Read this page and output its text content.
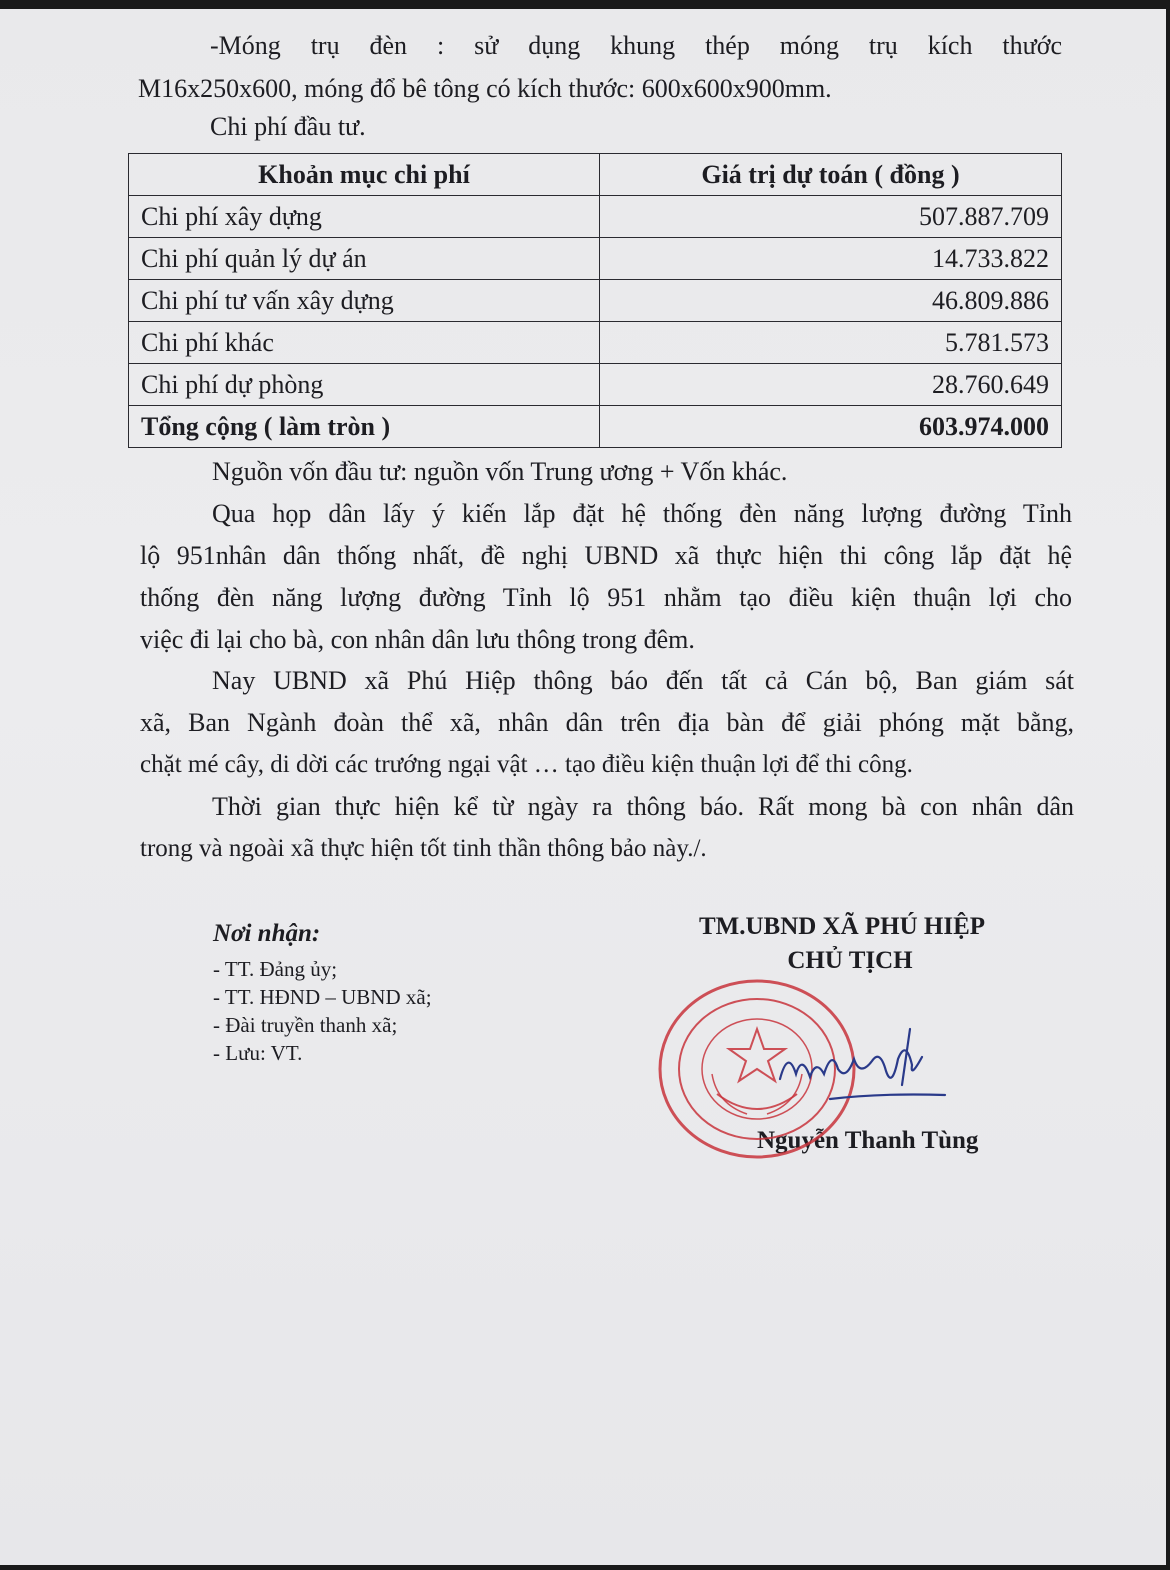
-Móng trụ đèn : sử dụng khung thép móng trụ kích thước
M16x250x600, móng đổ bê tông có kích thước: 600x600x900mm.
Chi phí đầu tư.
Khoản mục chi phí	Giá trị dự toán ( đồng )
Chi phí xây dựng	507.887.709
Chi phí quản lý dự án	14.733.822
Chi phí tư vấn xây dựng	46.809.886
Chi phí khác	5.781.573
Chi phí dự phòng	28.760.649
Tổng cộng ( làm tròn )	603.974.000
Nguồn vốn đầu tư: nguồn vốn Trung ương + Vốn khác.
Qua họp dân lấy ý kiến lắp đặt hệ thống đèn năng lượng đường Tỉnh
lộ 951nhân dân thống nhất, đề nghị UBND xã thực hiện thi công lắp đặt hệ
thống đèn năng lượng đường Tỉnh lộ 951 nhằm tạo điều kiện thuận lợi cho
việc đi lại cho bà, con nhân dân lưu thông trong đêm.
Nay UBND xã Phú Hiệp thông báo đến tất cả Cán bộ, Ban giám sát
xã, Ban Ngành đoàn thể xã, nhân dân trên địa bàn để giải phóng mặt bằng,
chặt mé cây, di dời các trướng ngại vật … tạo điều kiện thuận lợi để thi công.
Thời gian thực hiện kể từ ngày ra thông báo. Rất mong bà con nhân dân
trong và ngoài xã thực hiện tốt tinh thần thông bảo này./.
Nơi nhận:
- TT. Đảng ủy;
- TT. HĐND – UBND xã;
- Đài truyền thanh xã;
- Lưu: VT.
TM.UBND XÃ PHÚ HIỆP
CHỦ TỊCH
Nguyễn Thanh Tùng
